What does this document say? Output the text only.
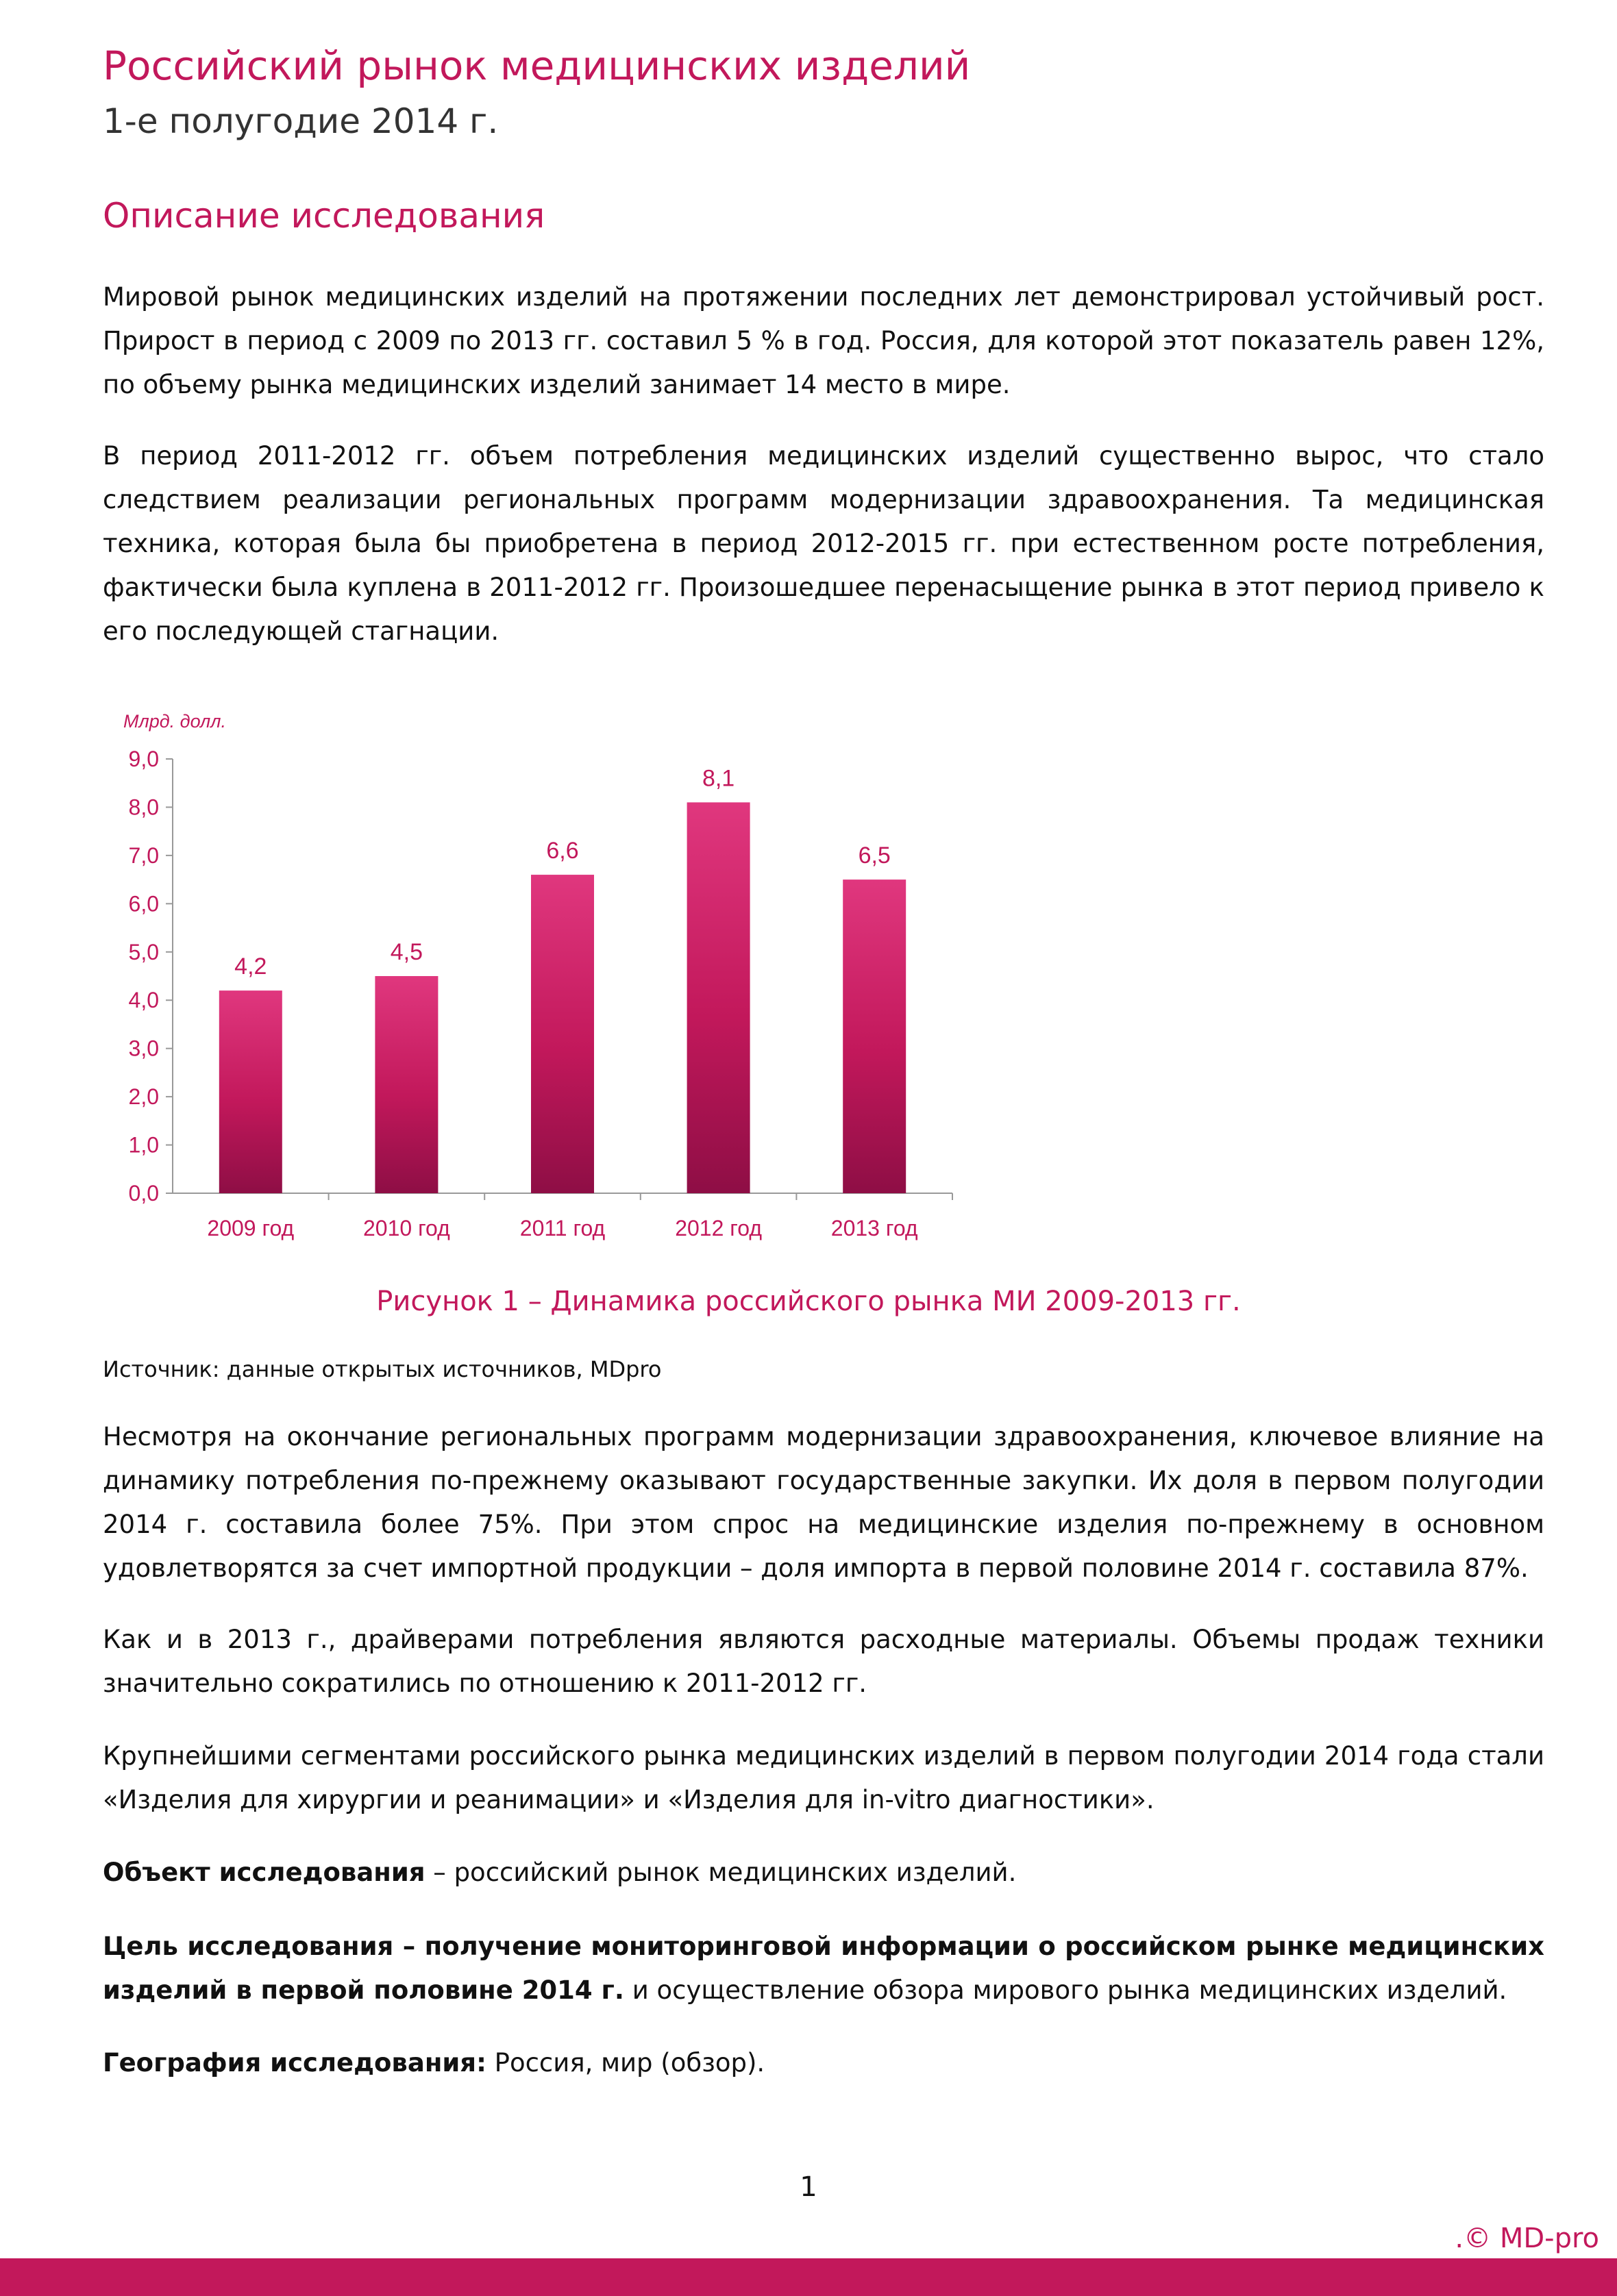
Российский рынок медицинских изделий
1-е полугодие 2014 г.
Описание исследования

Мировой рынок медицинских изделий на протяжении последних лет демонстрировал устойчивый рост. Прирост в период с 2009 по 2013 гг. составил 5 % в год. Россия, для которой этот показатель равен 12%, по объему рынка медицинских изделий занимает 14 место в мире.

В период 2011-2012 гг. объем потребления медицинских изделий существенно вырос, что стало следствием реализации региональных программ модернизации здравоохранения. Та медицинская техника, которая была бы приобретена в период 2012-2015 гг. при естественном росте потребления, фактически была куплена в 2011-2012 гг. Произошедшее перенасыщение рынка в этот период привело к его последующей стагнации.

Млрд. долл.
0,0
1,0
2,0
3,0
4,0
5,0
6,0
7,0
8,0
9,0
4,2
2009 год
4,5
2010 год
6,6
2011 год
8,1
2012 год
6,5
2013 год
Рисунок 1 – Динамика российского рынка МИ 2009-2013 гг.
Источник: данные открытых источников, MDpro

Несмотря на окончание региональных программ модернизации здравоохранения, ключевое влияние на динамику потребления по-прежнему оказывают государственные закупки. Их доля в первом полугодии 2014 г. составила более 75%. При этом спрос на медицинские изделия по-прежнему в основном удовлетворятся за счет импортной продукции – доля импорта в первой половине 2014 г. составила 87%.

Как и в 2013 г., драйверами потребления являются расходные материалы. Объемы продаж техники значительно сократились по отношению к 2011-2012 гг.

Крупнейшими сегментами российского рынка медицинских изделий в первом полугодии 2014 года стали «Изделия для хирургии и реанимации» и «Изделия для in-vitro диагностики».

Объект исследования – российский рынок медицинских изделий.

Цель исследования – получение мониторинговой информации о российском рынке медицинских изделий в первой половине 2014 г. и осуществление обзора мирового рынка медицинских изделий.

География исследования: Россия, мир (обзор).

1
.© MD-pro
